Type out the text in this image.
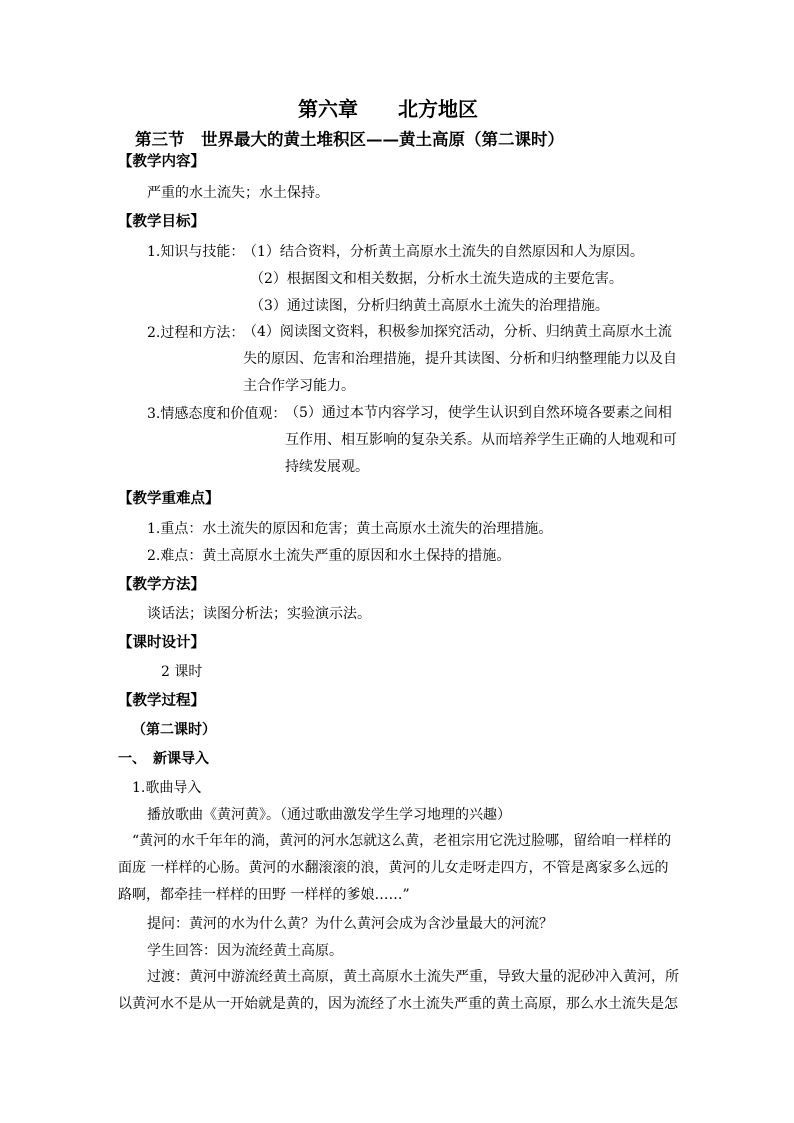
第六章　　北方地区
第三节　世界最大的黄土堆积区——黄土高原（第二课时）
【教学内容】
严重的水土流失；水土保持。
【教学目标】
1.知识与技能：
（1）结合资料，分析黄土高原水土流失的自然原因和人为原因。
（2）根据图文和相关数据，分析水土流失造成的主要危害。
（3）通过读图，分析归纳黄土高原水土流失的治理措施。
2.过程和方法：
（4）阅读图文资料，积极参加探究活动，分析、归纳黄土高原水土流失的原因、危害和治理措施，提升其读图、分析和归纳整理能力以及自主合作学习能力。
3.情感态度和价值观：
（5）通过本节内容学习，使学生认识到自然环境各要素之间相互作用、相互影响的复杂关系。从而培养学生正确的人地观和可持续发展观。
【教学重难点】
1.重点：水土流失的原因和危害；黄土高原水土流失的治理措施。
2.难点：黄土高原水土流失严重的原因和水土保持的措施。
【教学方法】
谈话法；读图分析法；实验演示法。
【课时设计】
2 课时
【教学过程】
（第二课时）
一、　新课导入
1.歌曲导入
播放歌曲《黄河黄》。（通过歌曲激发学生学习地理的兴趣）
“黄河的水千年年的淌，黄河的河水怎就这么黄，老祖宗用它洗过脸哪，留给咱一样样的面庞 一样样的心肠。黄河的水翻滚滚的浪，黄河的儿女走呀走四方，不管是离家多么远的路啊，都牵挂一样样的田野 一样样的爹娘……”
提问：黄河的水为什么黄？为什么黄河会成为含沙量最大的河流？
学生回答：因为流经黄土高原。
过渡：黄河中游流经黄土高原，黄土高原水土流失严重，导致大量的泥砂冲入黄河，所以黄河水不是从一开始就是黄的，因为流经了水土流失严重的黄土高原，那么水土流失是怎
